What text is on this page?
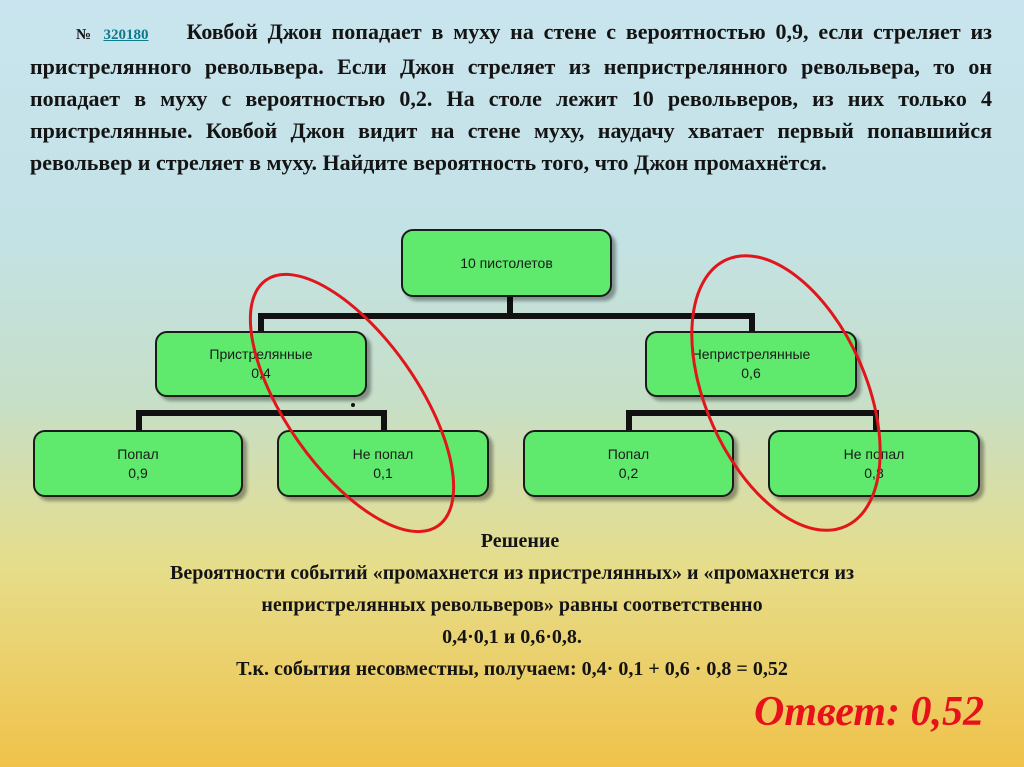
№ 320180 Ковбой Джон попадает в муху на стене с вероятностью 0,9, если стреляет из пристрелянного револьвера. Если Джон стреляет из непристрелянного револьвера, то он попадает в муху с вероятностью 0,2. На столе лежит 10 револьверов, из них только 4 пристрелянные. Ковбой Джон видит на стене муху, наудачу хватает первый попавшийся револьвер и стреляет в муху. Найдите вероятность того, что Джон промахнётся.
10 пистолетов
Пристрелянные
0,4
Непристрелянные
0,6
Попал
0,9
Не попал
0,1
Попал
0,2
Не попал
0,8
Решение
Вероятности событий «промахнется из пристрелянных» и «промахнется из
непристрелянных револьверов» равны соответственно
0,4·0,1 и 0,6·0,8.
Т.к. события несовместны, получаем: 0,4· 0,1 + 0,6 · 0,8 = 0,52
Ответ: 0,52
